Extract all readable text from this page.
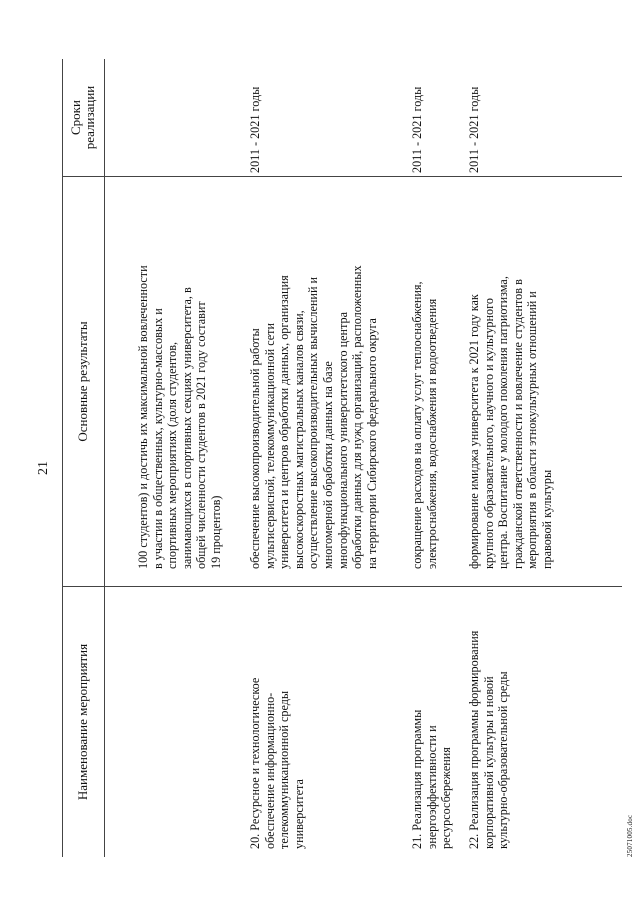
21
Наименование мероприятия
Основные результаты
Сроки
реализации
100 студентов) и достичь их максимальной вовлеченности
в участии в общественных, культурно-массовых и
спортивных мероприятиях (доля студентов,
занимающихся в спортивных секциях университета, в
общей численности студентов в 2021 году составит
19 процентов)
20. Ресурсное и технологическое
обеспечение информационно-
телекоммуникационной среды
университета
обеспечение высокопроизводительной работы
мультисервисной, телекоммуникационной сети
университета и центров обработки данных, организация
высокоскоростных магистральных каналов связи,
осуществление высокопроизводительных вычислений и
многомерной обработки данных на базе
многофункционального университетского центра
обработки данных для нужд организаций, расположенных
на территории Сибирского федерального округа
2011 - 2021 годы
21. Реализация программы
энергоэффективности и
ресурсосбережения
сокращение расходов на оплату услуг теплоснабжения,
электроснабжения, водоснабжения и водоотведения
2011 - 2021 годы
22. Реализация программы формирования
корпоративной культуры и новой
культурно-образовательной среды
формирование имиджа университета к 2021 году как
крупного образовательного, научного и культурного
центра. Воспитание у молодого поколения патриотизма,
гражданской ответственности и вовлечение студентов в
мероприятия в области этнокультурных отношений и
правовой культуры
2011 - 2021 годы
25071005.doc
